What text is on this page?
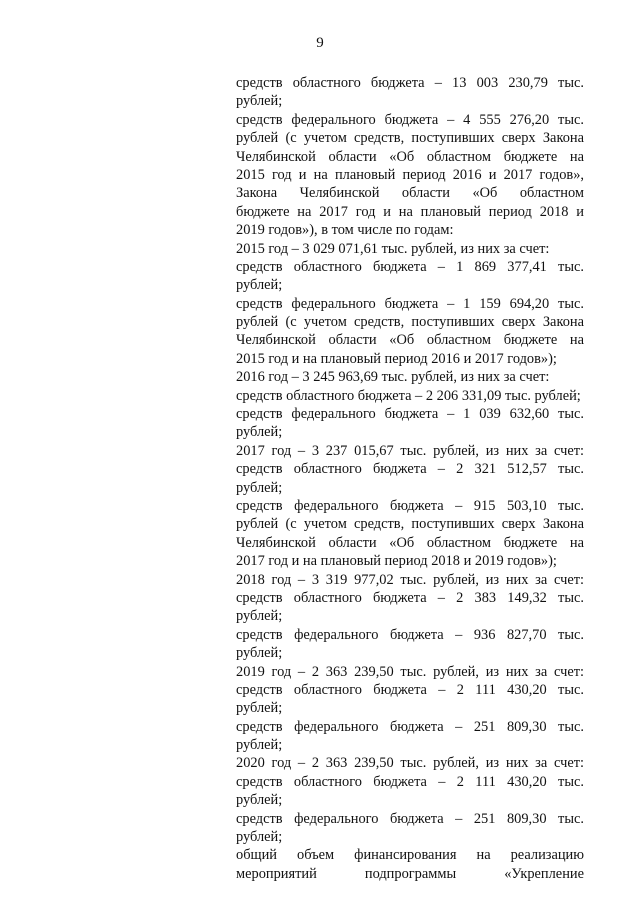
9
средств областного бюджета – 13 003 230,79 тыс.
рублей;
средств федерального бюджета – 4 555 276,20 тыс.
рублей (с учетом средств, поступивших сверх Закона
Челябинской области «Об областном бюджете на
2015 год и на плановый период 2016 и 2017 годов»,
Закона Челябинской области «Об областном
бюджете на 2017 год и на плановый период 2018 и
2019 годов»), в том числе по годам:
2015 год – 3 029 071,61 тыс. рублей, из них за счет:
средств областного бюджета – 1 869 377,41 тыс.
рублей;
средств федерального бюджета – 1 159 694,20 тыс.
рублей (с учетом средств, поступивших сверх Закона
Челябинской области «Об областном бюджете на
2015 год и на плановый период 2016 и 2017 годов»);
2016 год – 3 245 963,69 тыс. рублей, из них за счет:
средств областного бюджета – 2 206 331,09 тыс. рублей;
средств федерального бюджета – 1 039 632,60 тыс.
рублей;
2017 год – 3 237 015,67 тыс. рублей, из них за счет:
средств областного бюджета – 2 321 512,57 тыс.
рублей;
средств федерального бюджета – 915 503,10 тыс.
рублей (с учетом средств, поступивших сверх Закона
Челябинской области «Об областном бюджете на
2017 год и на плановый период 2018 и 2019 годов»);
2018 год – 3 319 977,02 тыс. рублей, из них за счет:
средств областного бюджета – 2 383 149,32 тыс.
рублей;
средств федерального бюджета – 936 827,70 тыс.
рублей;
2019 год – 2 363 239,50 тыс. рублей, из них за счет:
средств областного бюджета – 2 111 430,20 тыс.
рублей;
средств федерального бюджета – 251 809,30 тыс.
рублей;
2020 год – 2 363 239,50 тыс. рублей, из них за счет:
средств областного бюджета – 2 111 430,20 тыс.
рублей;
средств федерального бюджета – 251 809,30 тыс.
рублей;
общий объем финансирования на реализацию
мероприятий подпрограммы «Укрепление
